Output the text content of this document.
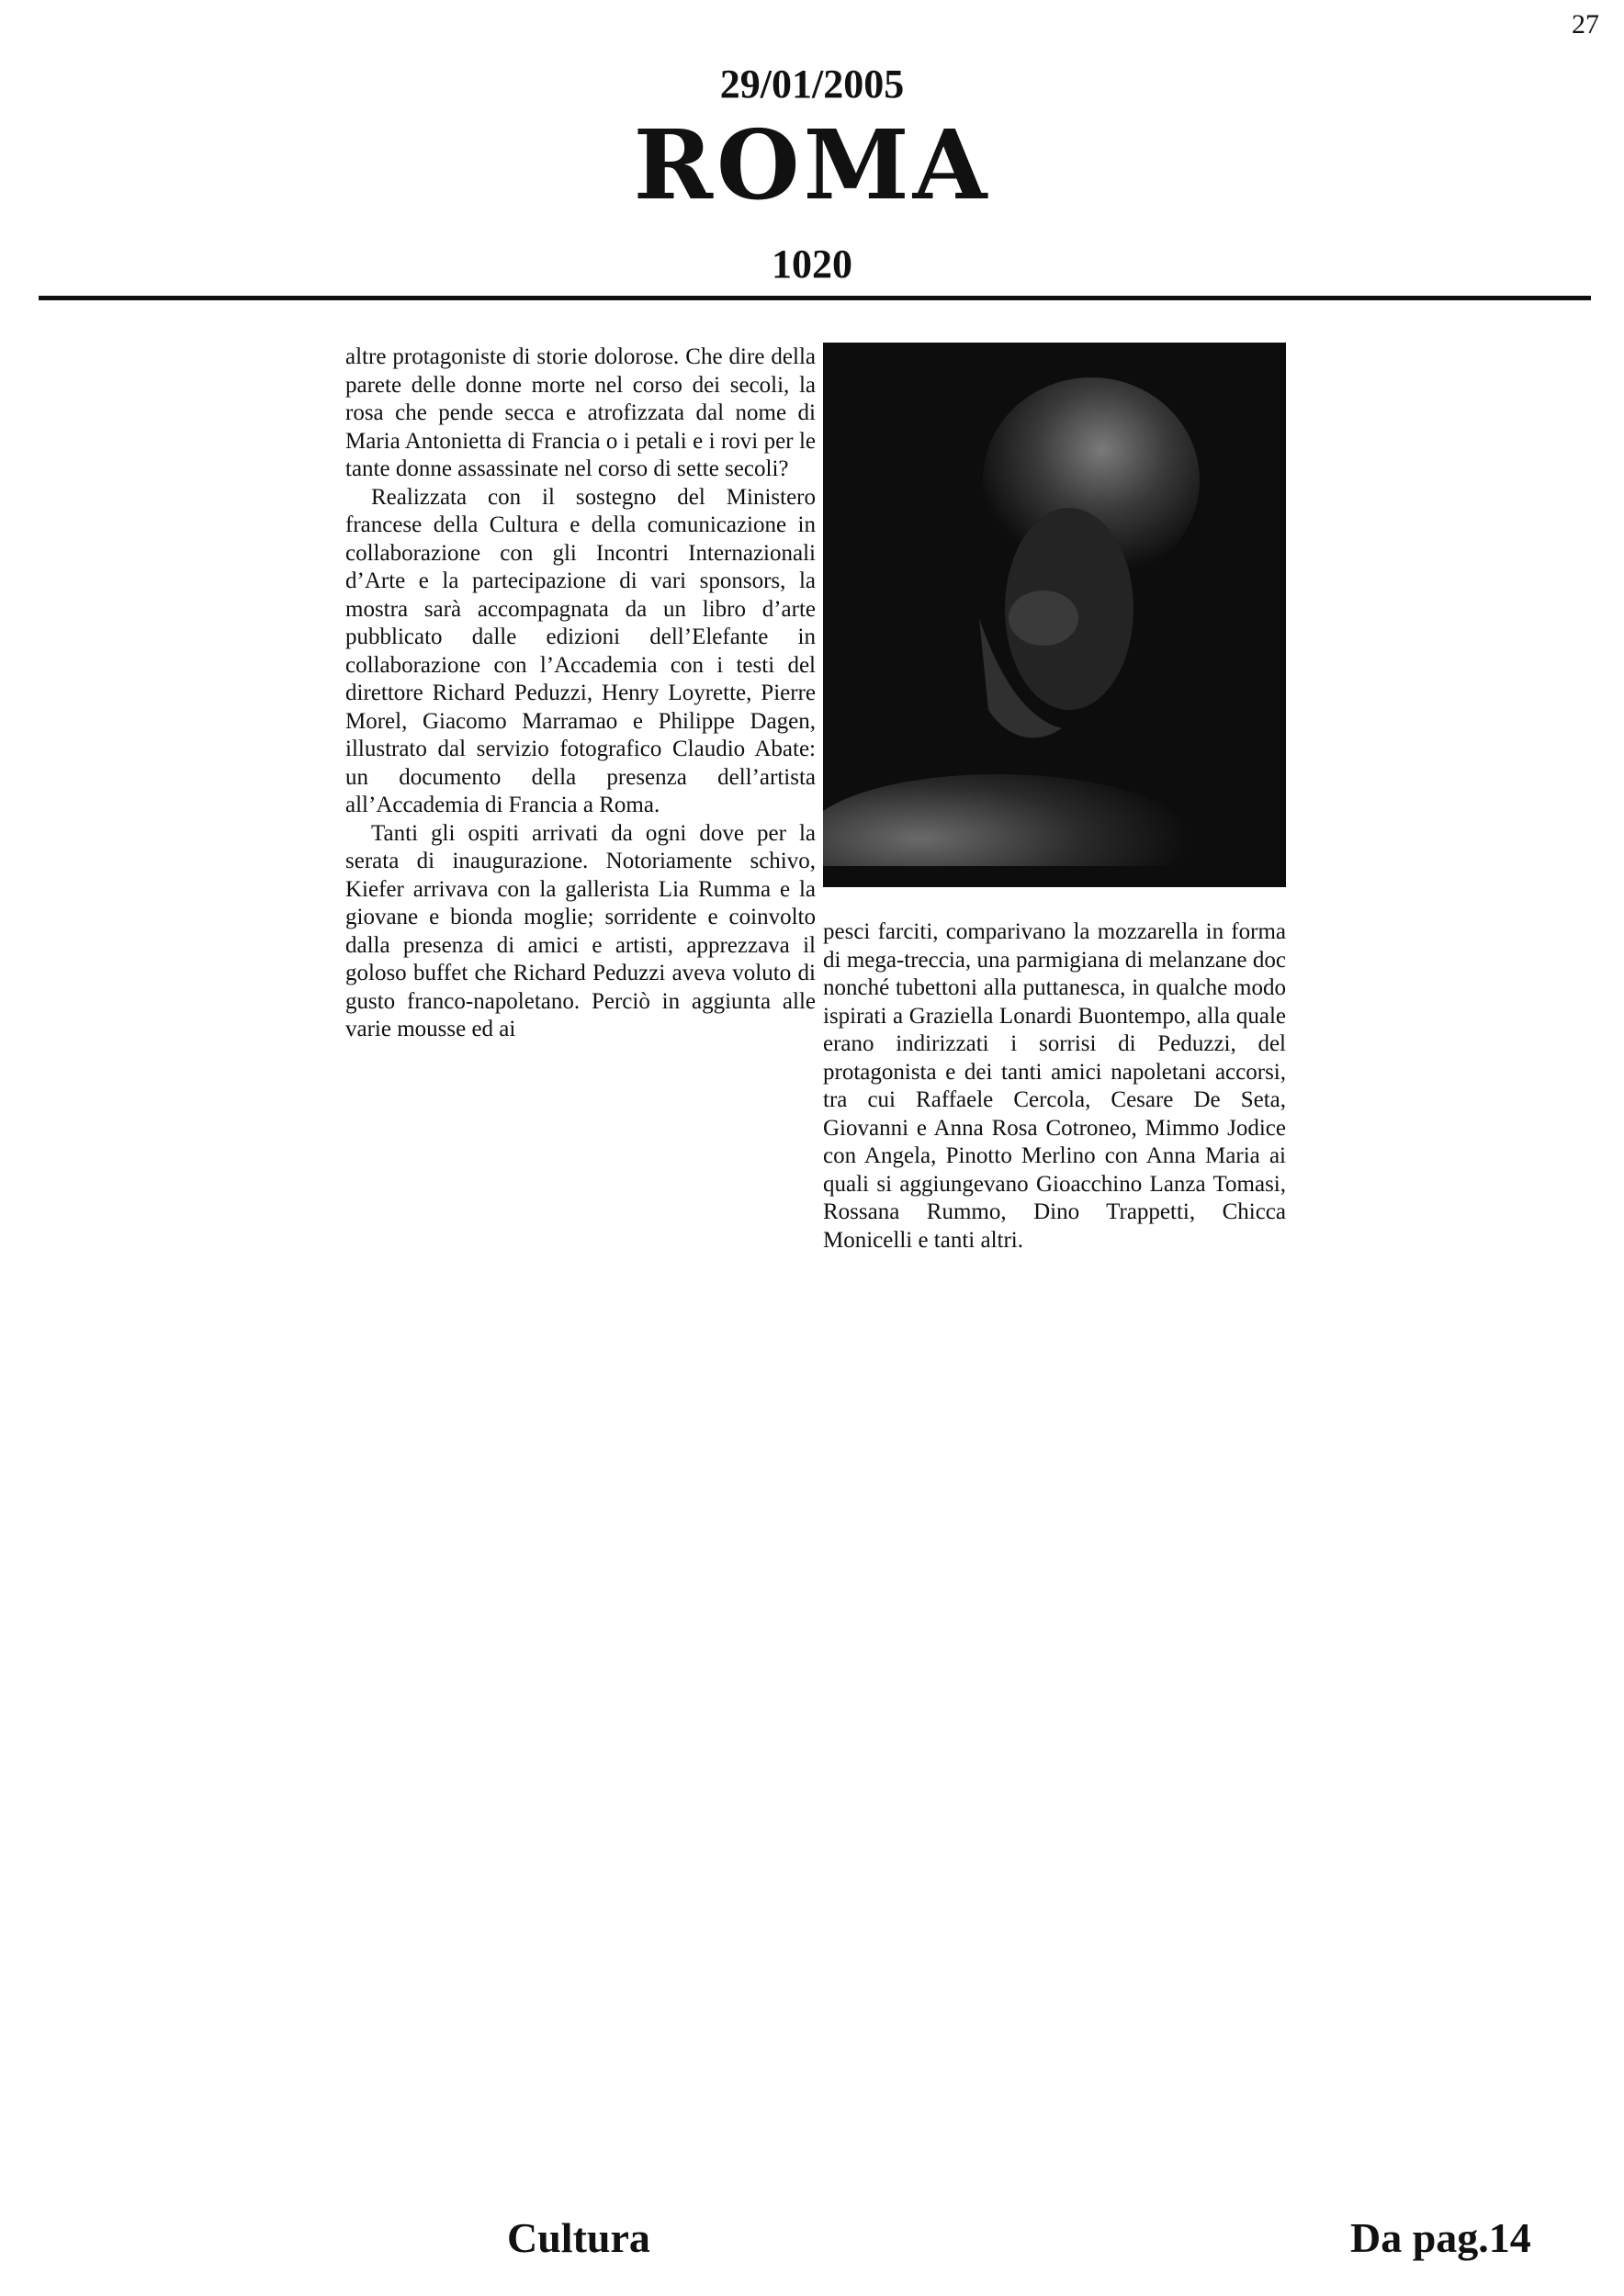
27
29/01/2005
ROMA
1020

altre protagoniste di storie dolorose. Che dire della parete delle donne morte nel corso dei secoli, la rosa che pende secca e atrofizzata dal nome di Maria Antonietta di Francia o i petali e i rovi per le tante donne assassinate nel corso di sette secoli?

Realizzata con il sostegno del Ministero francese della Cultura e della comunicazione in collaborazione con gli Incontri Internazionali d’Arte e la partecipazione di vari sponsors, la mostra sarà accompagnata da un libro d’arte pubblicato dalle edizioni dell’Elefante in collaborazione con l’Accademia con i testi del direttore Richard Peduzzi, Henry Loyrette, Pierre Morel, Giacomo Marramao e Philippe Dagen, illustrato dal servizio fotografico Claudio Abate: un documento della presenza dell’artista all’Accademia di Francia a Roma.

Tanti gli ospiti arrivati da ogni dove per la serata di inaugurazione. Notoriamente schivo, Kiefer arrivava con la gallerista Lia Rumma e la giovane e bionda moglie; sorridente e coinvolto dalla presenza di amici e artisti, apprezzava il goloso buffet che Richard Peduzzi aveva voluto di gusto franco-napoletano. Perciò in aggiunta alle varie mousse ed ai

pesci farciti, comparivano la mozzarella in forma di mega-treccia, una parmigiana di melanzane doc nonché tubettoni alla puttanesca, in qualche modo ispirati a Graziella Lonardi Buontempo, alla quale erano indirizzati i sorrisi di Peduzzi, del protagonista e dei tanti amici napoletani accorsi, tra cui Raffaele Cercola, Cesare De Seta, Giovanni e Anna Rosa Cotroneo, Mimmo Jodice con Angela, Pinotto Merlino con Anna Maria ai quali si aggiungevano Gioacchino Lanza Tomasi, Rossana Rummo, Dino Trappetti, Chicca Monicelli e tanti altri.

Cultura	Da pag.14
